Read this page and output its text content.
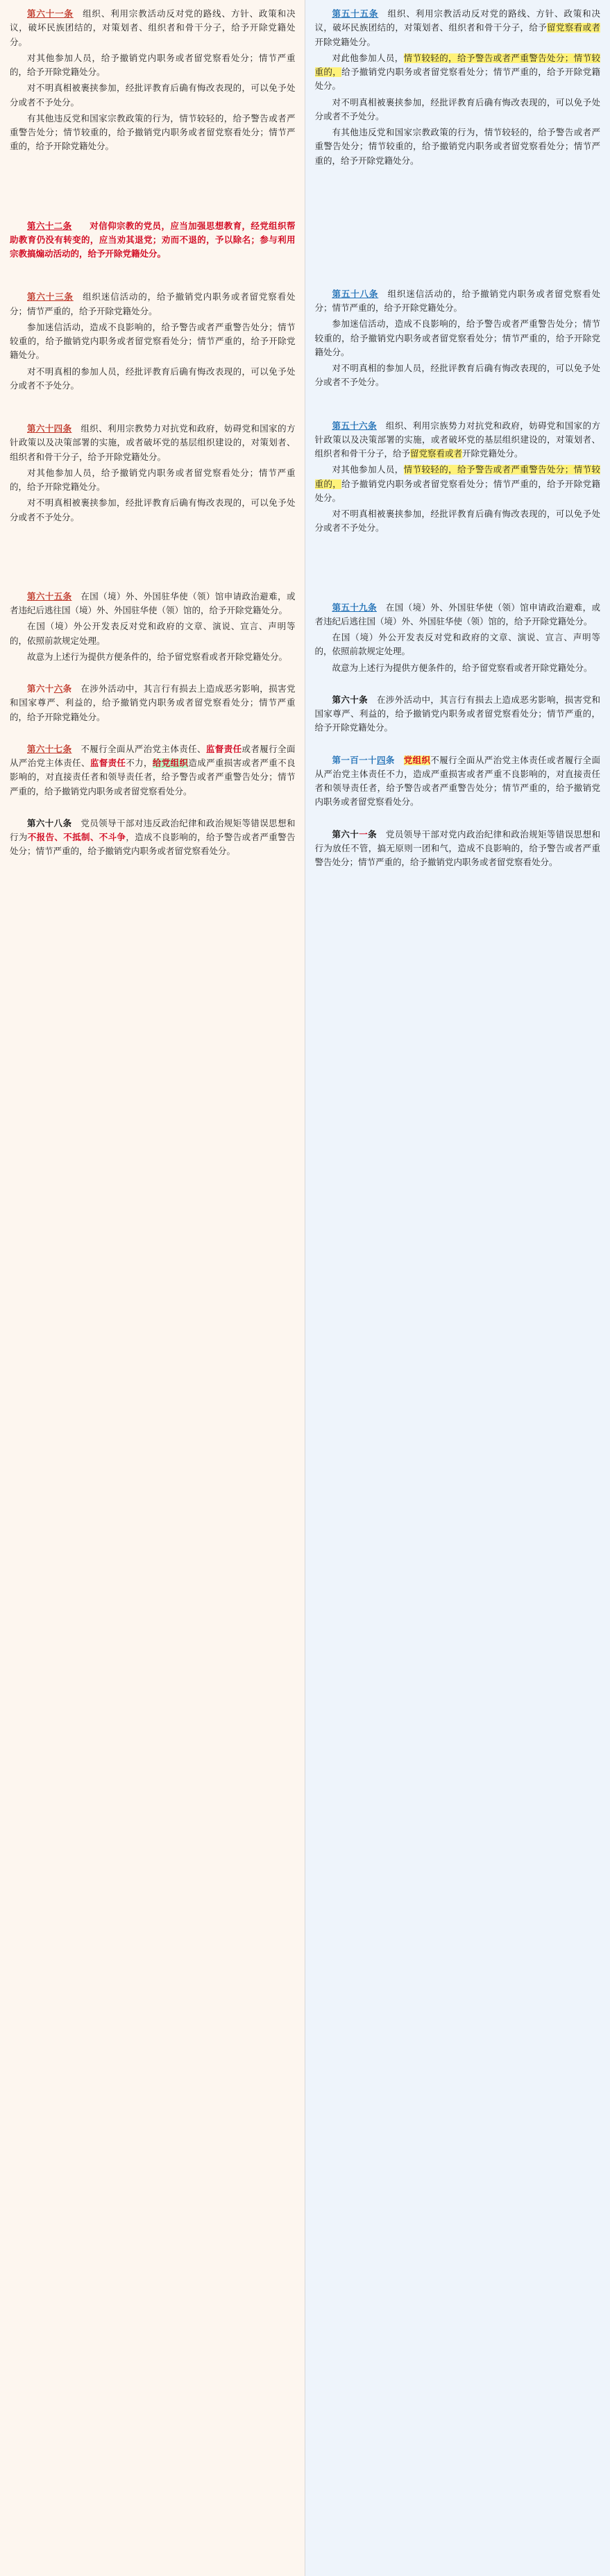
第六十一条　组织、利用宗教活动反对党的路线、方针、政策和决议，破坏民族团结的，对策划者、组织者和骨干分子，给予开除党籍处分。

对其他参加人员，给予撤销党内职务或者留党察看处分；情节严重的，给予开除党籍处分。

对不明真相被裹挟参加，经批评教育后确有悔改表现的，可以免予处分或者不予处分。

有其他违反党和国家宗教政策的行为，情节较轻的，给予警告或者严重警告处分；情节较重的，给予撤销党内职务或者留党察看处分；情节严重的，给予开除党籍处分。

第六十二条　　对信仰宗教的党员，应当加强思想教育，经党组织帮助教育仍没有转变的，应当劝其退党；劝而不退的，予以除名；参与利用宗教搞煽动活动的，给予开除党籍处分。

第六十三条　组织迷信活动的，给予撤销党内职务或者留党察看处分；情节严重的，给予开除党籍处分。

参加迷信活动，造成不良影响的，给予警告或者严重警告处分；情节较重的，给予撤销党内职务或者留党察看处分；情节严重的，给予开除党籍处分。

对不明真相的参加人员，经批评教育后确有悔改表现的，可以免予处分或者不予处分。

第六十四条　组织、利用宗教势力对抗党和政府，妨碍党和国家的方针政策以及决策部署的实施，或者破坏党的基层组织建设的，对策划者、组织者和骨干分子，给予开除党籍处分。

对其他参加人员，给予撤销党内职务或者留党察看处分；情节严重的，给予开除党籍处分。

对不明真相被裹挟参加，经批评教育后确有悔改表现的，可以免予处分或者不予处分。

第六十五条　在国（境）外、外国驻华使（领）馆申请政治避难，或者违纪后逃往国（境）外、外国驻华使（领）馆的，给予开除党籍处分。

在国（境）外公开发表反对党和政府的文章、演说、宣言、声明等的，依照前款规定处理。

故意为上述行为提供方便条件的，给予留党察看或者开除党籍处分。

第六十六条　在涉外活动中，其言行有损去上造成恶劣影响，损害党和国家尊严、利益的，给予撤销党内职务或者留党察看处分；情节严重的，给予开除党籍处分。

第六十七条　不履行全面从严治党主体责任、监督责任或者履行全面从严治党主体责任、监督责任不力，给党组织造成严重损害或者严重不良影响的，对直接责任者和领导责任者，给予警告或者严重警告处分；情节严重的，给予撤销党内职务或者留党察看处分。

第六十八条　党员领导干部对违反政治纪律和政治规矩等错误思想和行为不报告、不抵制、不斗争，造成不良影响的，给予警告或者严重警告处分；情节严重的，给予撤销党内职务或者留党察看处分。

第五十五条　组织、利用宗教活动反对党的路线、方针、政策和决议，破坏民族团结的，对策划者、组织者和骨干分子，给予留党察看或者开除党籍处分。

对此他参加人员，情节较轻的，给予警告或者严重警告处分；情节较重的，给予撤销党内职务或者留党察看处分；情节严重的，给予开除党籍处分。

对不明真相被裹挟参加，经批评教育后确有悔改表现的，可以免予处分或者不予处分。

有其他违反党和国家宗教政策的行为，情节较轻的，给予警告或者严重警告处分；情节较重的，给予撤销党内职务或者留党察看处分；情节严重的，给予开除党籍处分。

第五十八条　组织迷信活动的，给予撤销党内职务或者留党察看处分；情节严重的，给予开除党籍处分。

参加迷信活动，造成不良影响的，给予警告或者严重警告处分；情节较重的，给予撤销党内职务或者留党察看处分；情节严重的，给予开除党籍处分。

对不明真相的参加人员，经批评教育后确有悔改表现的，可以免予处分或者不予处分。

第五十六条　组织、利用宗族势力对抗党和政府，妨碍党和国家的方针政策以及决策部署的实施，或者破坏党的基层组织建设的，对策划者、组织者和骨干分子，给予留党察看或者开除党籍处分。

对其他参加人员，情节较轻的，给予警告或者严重警告处分；情节较重的，给予撤销党内职务或者留党察看处分；情节严重的，给予开除党籍处分。

对不明真相被裹挟参加，经批评教育后确有悔改表现的，可以免予处分或者不予处分。

第五十九条　在国（境）外、外国驻华使（领）馆申请政治避难，或者违纪后逃往国（境）外、外国驻华使（领）馆的，给予开除党籍处分。

在国（境）外公开发表反对党和政府的文章、演说、宣言、声明等的，依照前款规定处理。

故意为上述行为提供方便条件的，给予留党察看或者开除党籍处分。

第六十条　在涉外活动中，其言行有损去上造成恶劣影响，损害党和国家尊严、利益的，给予撤销党内职务或者留党察看处分；情节严重的，给予开除党籍处分。

第一百一十四条　 党组织不履行全面从严治党主体责任或者履行全面从严治党主体责任不力，造成严重损害或者严重不良影响的，对直接责任者和领导责任者，给予警告或者严重警告处分；情节严重的，给予撤销党内职务或者留党察看处分。

第六十一条　党员领导干部对党内政治纪律和政治规矩等错误思想和行为放任不管，搞无原则一团和气，造成不良影响的，给予警告或者严重警告处分；情节严重的，给予撤销党内职务或者留党察看处分。
